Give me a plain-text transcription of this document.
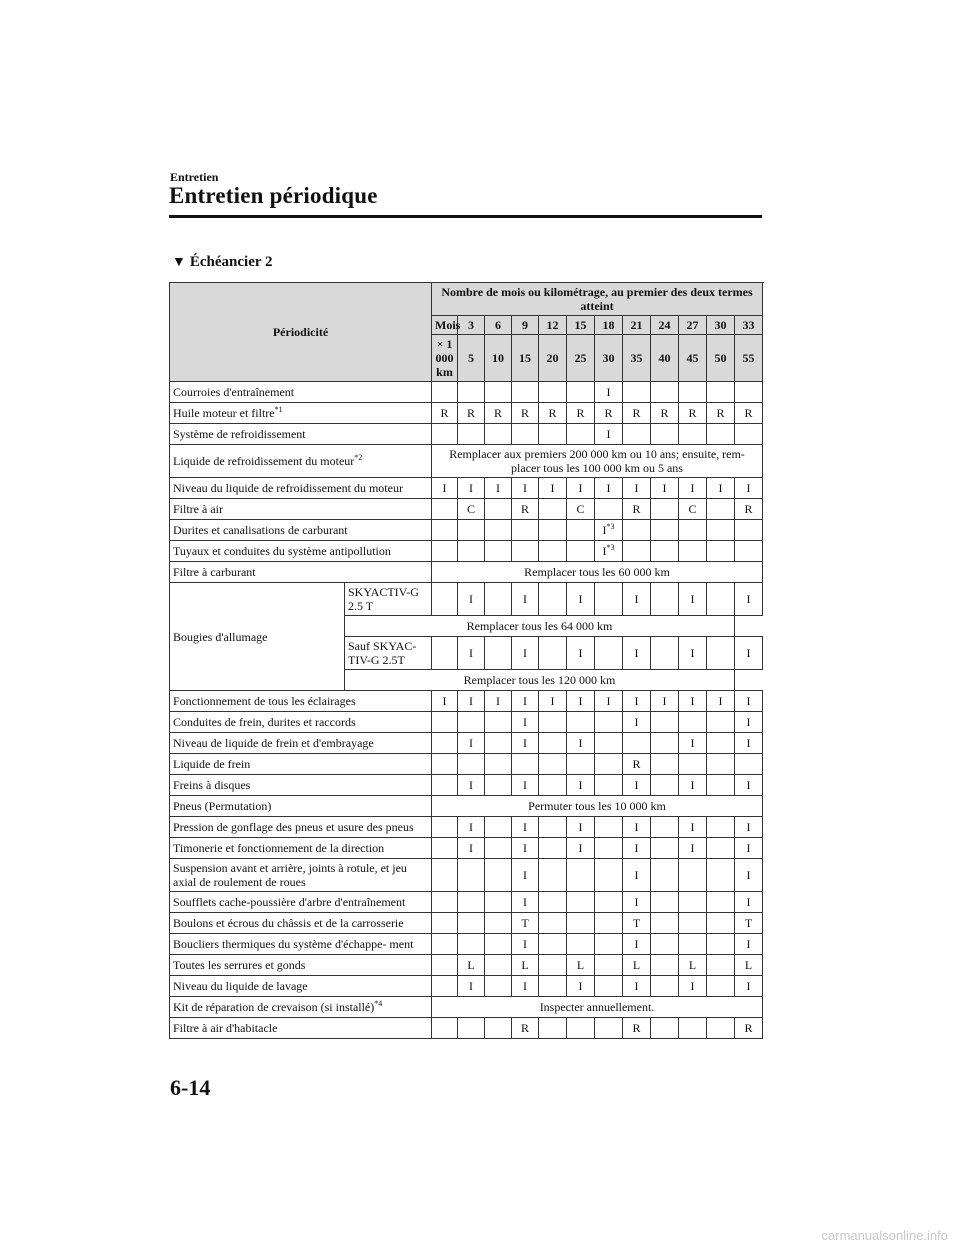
Entretien
Entretien périodique
▼ Échéancier 2
Périodicité		Nombre de mois ou kilométrage, au premier des deux termes atteint												
		Mois	3	6	9	12	15	18	21	24	27	30	33	
		× 1 000 km	5	10	15	20	25	30	35	40	45	50	55	
Courroies d'entraînement								I						
Huile moteur et filtre$^{*1}$		R	R	R	R	R	R	R	R	R	R	R	R	
Système de refroidissement								I						
Liquide de refroidissement du moteur$^{*2}$		Remplacer aux premiers 200 000 km ou 10 ans; ensuite, rem- placer tous les 100 000 km ou 5 ans												
Niveau du liquide de refroidissement du moteur		I	I	I	I	I	I	I	I	I	I	I	I	
Filtre à air			C		R		C		R		C		R	
Durites et canalisations de carburant								$I^{*3}$					
Tuyaux et conduites du système antipollution								$I^{*3}$					
Filtre à carburant		Remplacer tous les 60 000 km												
Bougies d'allumage	SKYACTIV-G 2.5 T		I		I		I		I		I		I	
	Remplacer tous les 64 000 km													
	Sauf SKYAC- TIV-G 2.5T		I		I		I		I		I		I	
	Remplacer tous les 120 000 km													
Fonctionnement de tous les éclairages		I	I	I	I	I	I	I	I	I	I	I	I	
Conduites de frein, durites et raccords					I				I				I	
Niveau de liquide de frein et d'embrayage			I		I		I				I		I	
Liquide de frein									R					
Freins à disques			I		I		I		I		I		I	
Pneus (Permutation)		Permuter tous les 10 000 km												
Pression de gonflage des pneus et usure des pneus			I		I		I		I		I		I	
Timonerie et fonctionnement de la direction			I		I		I		I		I		I	
Suspension avant et arrière, joints à rotule, et jeu axial de roulement de roues					I				I				I	
Soufflets cache-poussière d'arbre d'entraînement					I				I				I	
Boulons et écrous du châssis et de la carrosserie					T				T				T	
Boucliers thermiques du système d'échappe- ment					I				I				I	
Toutes les serrures et gonds			L		L		L		L		L		L	
Niveau du liquide de lavage			I		I		I		I		I		I	
Kit de réparation de crevaison (si installé)$^{*4}$		Inspecter annuellement.												
Filtre à air d'habitacle					R				R				R	
6-14
carmanualsonline.info
